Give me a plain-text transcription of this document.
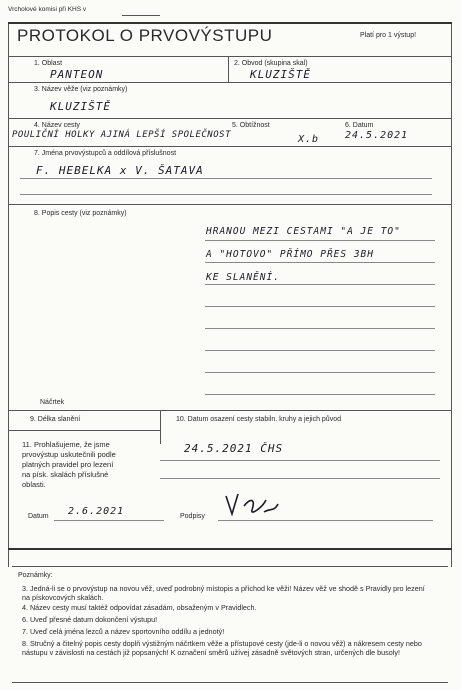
Vrcholové komisi při KHS v
PROTOKOL O PRVOVÝSTUPU	Platí pro 1 výstup!
1. Oblast
PANTEON
2. Obvod (skupina skal)
KLUZIŠTĚ
3. Název věže (viz poznámky)
KLUZIŠTĚ
4. Název cesty
POULIČNÍ HOLKY AJINÁ LEPŠÍ SPOLEČNOST
5. Obtížnost
X.b
6. Datum
24.5.2021
7. Jména prvovýstupců a oddílová příslušnost
F. HEBELKA x V. ŠATAVA
8. Popis cesty (viz poznámky)
HRANOU MEZI CESTAMI "A JE TO"
A "HOTOVO" PŘÍMO PŘES 3BH
KE SLANĚNÍ.
Náčrtek
9. Délka slanění	10. Datum osazení cesty stabiln. kruhy a jejich původ
24.5.2021 ČHS
11. Prohlašujeme, že jsme prvovýstup uskutečnili podle platných pravidel pro lezení na písk. skalách příslušné oblasti.
Datum 2.6.2021	Podpisy
Poznámky:
3. Jedná-li se o prvovýstup na novou věž, uveď podrobný místopis a příchod ke věži! Název věž ve shodě s Pravidly pro lezení na pískovcových skalách.
4. Název cesty musí taktéž odpovídat zásadám, obsaženým v Pravidlech.
6. Uveď přesné datum dokončení výstupu!
7. Uveď celá jména lezců a název sportovního oddílu a jednotý!
8. Stručný a čitelný popis cesty doplň výstižným náčrtkem věže a přístupové cesty (jde-li o novou věž) a nákresem cesty nebo nástupu v závislosti na cestách již popsaných! K označení směrů užívej zásadně světových stran, určených dle busoly!
